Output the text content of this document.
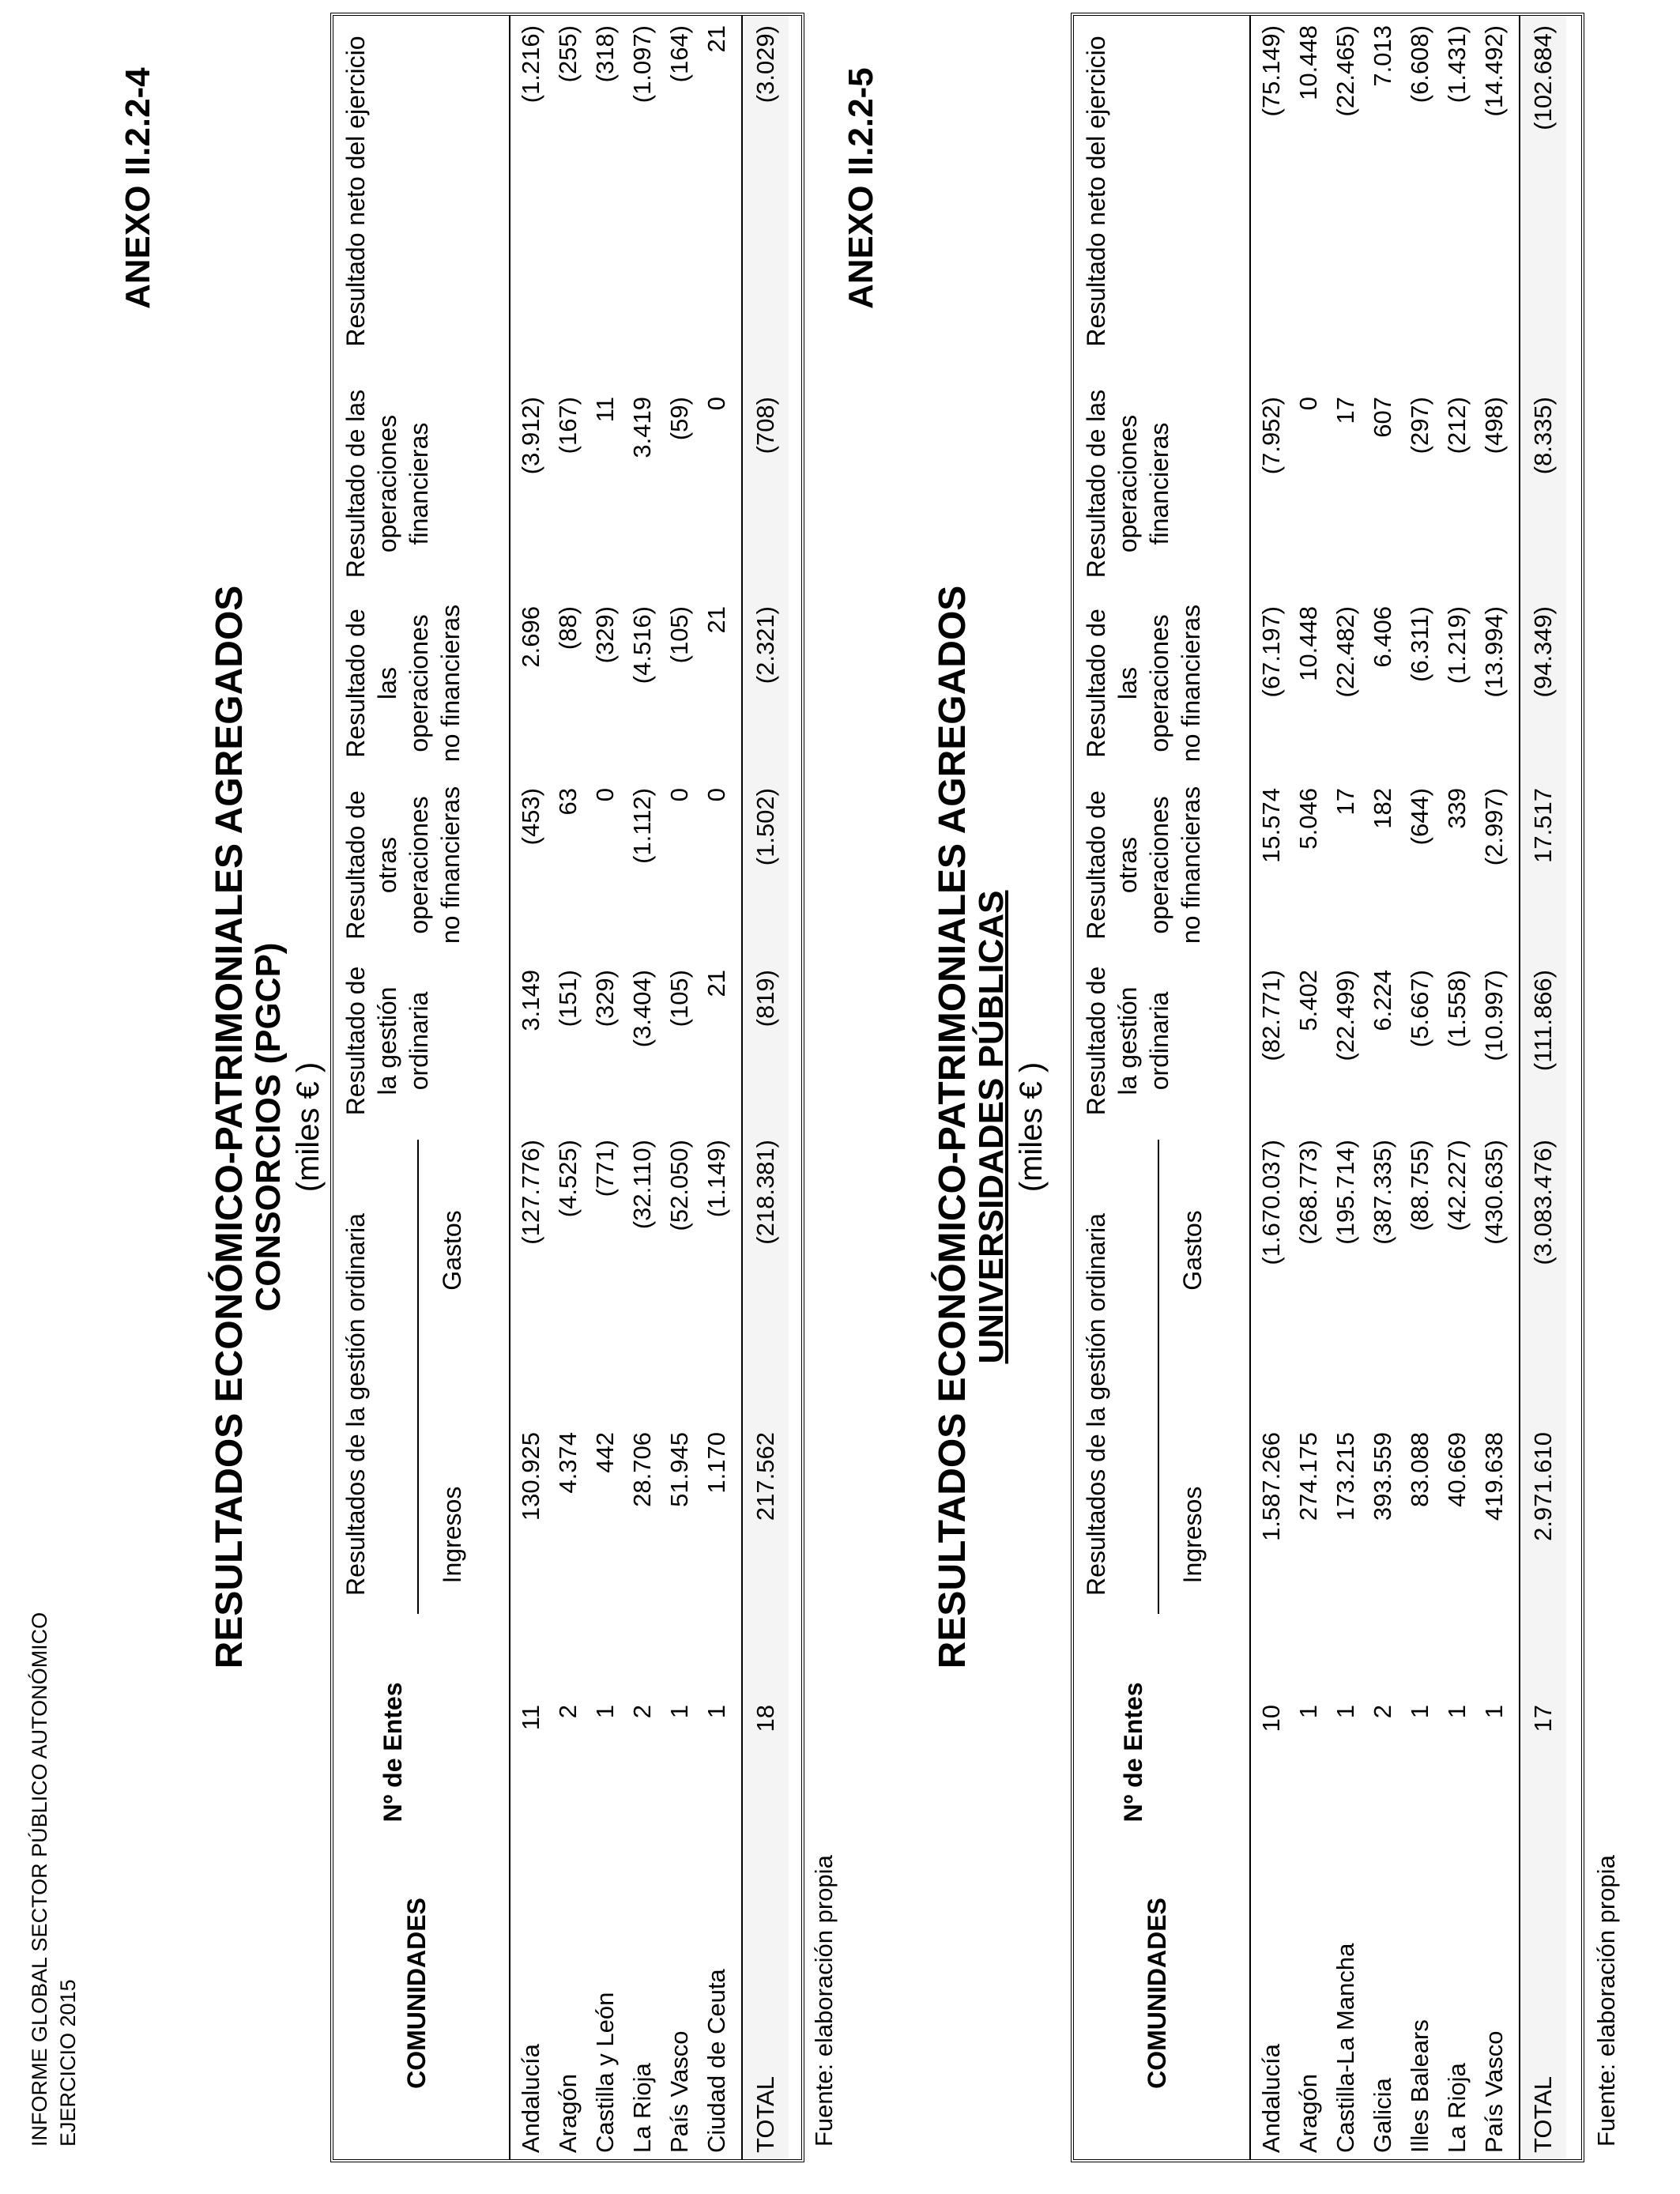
INFORME GLOBAL SECTOR PÚBLICO AUTONÓMICO EJERCICIO 2015
ANEXO II.2.2-4
RESULTADOS ECONÓMICO-PATRIMONIALES AGREGADOS
CONSORCIOS (PGCP) (miles € )
COMUNIDADES
Nº de Entes
Resultados de la gestión ordinaria	Ingresos
Gastos
Resultado de la gestión ordinaria
Resultado de otras operaciones no financieras
Resultado de las operaciones no financieras
Resultado de las operaciones financieras
Resultado neto del ejercicio
Andalucía
11
130.925
(127.776)
3.149
(453)
2.696
(3.912)
(1.216)
Aragón
2
4.374
(4.525)
(151)
63
(88)
(167)
(255)
Castilla y León
1
442
(771)
(329)
0
(329)
11
(318)
La Rioja
2
28.706
(32.110)
(3.404)
(1.112)
(4.516)
3.419
(1.097)
País Vasco
1
51.945
(52.050)
(105)
0
(105)
(59)
(164)
Ciudad de Ceuta
1
1.170
(1.149)
21
0
21
0
21
TOTAL
18
217.562
(218.381)
(819)
(1.502)
(2.321)
(708)
(3.029)
Fuente: elaboración propia
ANEXO II.2.2-5
RESULTADOS ECONÓMICO-PATRIMONIALES AGREGADOS
UNIVERSIDADES PÚBLICAS (miles € )
COMUNIDADES
Nº de Entes
Resultados de la gestión ordinaria	Ingresos
Gastos
Resultado de la gestión ordinaria
Resultado de otras operaciones no financieras
Resultado de las operaciones no financieras
Resultado de las operaciones financieras
Resultado neto del ejercicio
Andalucía
10
1.587.266
(1.670.037)
(82.771)
15.574
(67.197)
(7.952)
(75.149)
Aragón
1
274.175
(268.773)
5.402
5.046
10.448
0
10.448
Castilla-La Mancha
1
173.215
(195.714)
(22.499)
17
(22.482)
17
(22.465)
Galicia
2
393.559
(387.335)
6.224
182
6.406
607
7.013
Illes Balears
1
83.088
(88.755)
(5.667)
(644)
(6.311)
(297)
(6.608)
La Rioja
1
40.669
(42.227)
(1.558)
339
(1.219)
(212)
(1.431)
País Vasco
1
419.638
(430.635)
(10.997)
(2.997)
(13.994)
(498)
(14.492)
TOTAL
17
2.971.610
(3.083.476)
(111.866)
17.517
(94.349)
(8.335)
(102.684)
Fuente: elaboración propia
